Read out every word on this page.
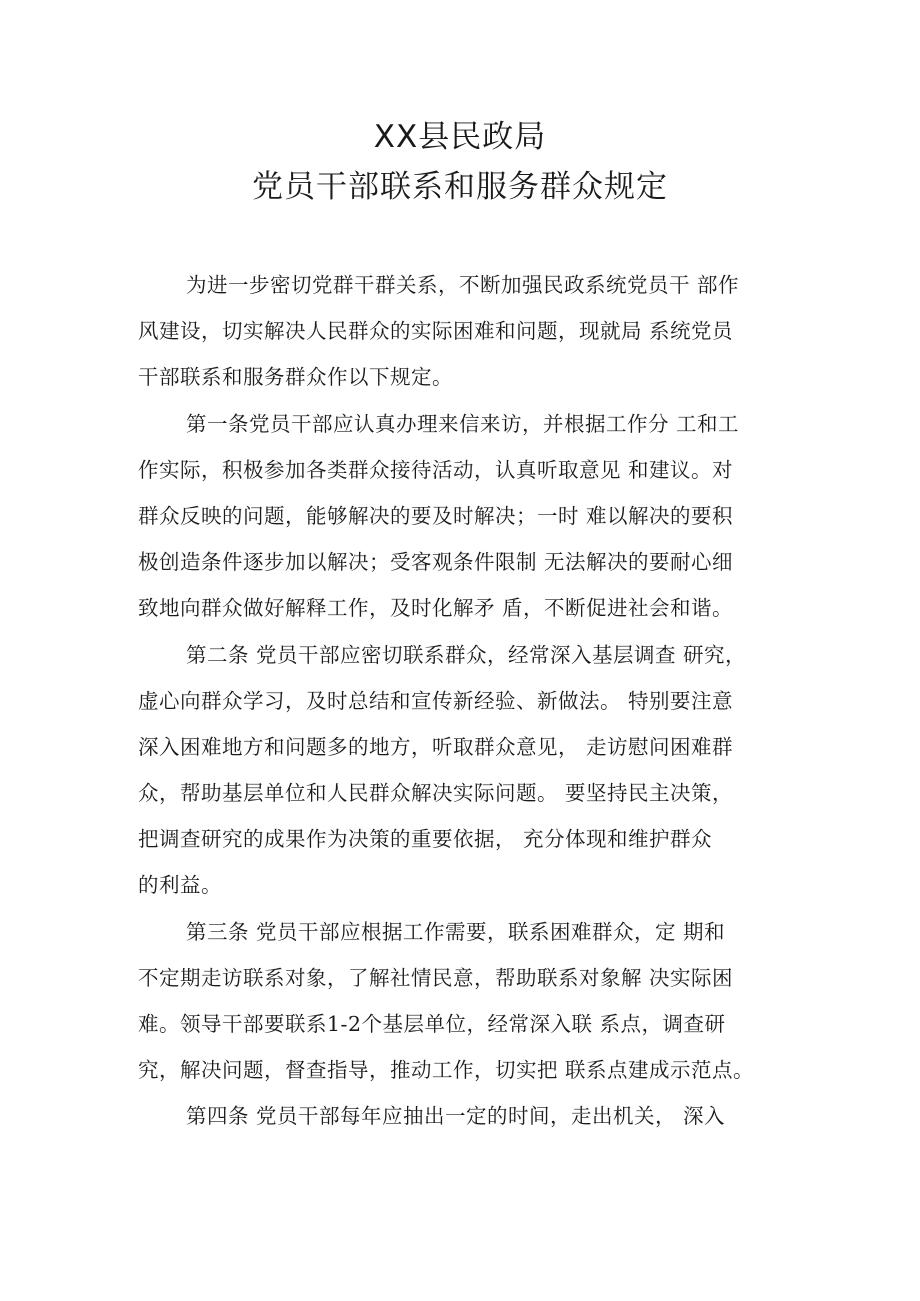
XX县民政局
党员干部联系和服务群众规定
为进一步密切党群干群关系，不断加强民政系统党员干 部作
风建设，切实解决人民群众的实际困难和问题，现就局 系统党员
干部联系和服务群众作以下规定。
第一条党员干部应认真办理来信来访，并根据工作分 工和工
作实际，积极参加各类群众接待活动，认真听取意见 和建议。对
群众反映的问题，能够解决的要及时解决；一时 难以解决的要积
极创造条件逐步加以解决；受客观条件限制 无法解决的要耐心细
致地向群众做好解释工作，及时化解矛 盾，不断促进社会和谐。
第二条 党员干部应密切联系群众，经常深入基层调查 研究，
虚心向群众学习，及时总结和宣传新经验、新做法。 特别要注意
深入困难地方和问题多的地方，听取群众意见， 走访慰问困难群
众，帮助基层单位和人民群众解决实际问题。 要坚持民主决策，
把调查研究的成果作为决策的重要依据， 充分体现和维护群众
的利益。
第三条 党员干部应根据工作需要，联系困难群众，定 期和
不定期走访联系对象，了解社情民意，帮助联系对象解 决实际困
难。领导干部要联系1-2个基层单位，经常深入联 系点，调查研
究，解决问题，督查指导，推动工作，切实把 联系点建成示范点。
第四条 党员干部每年应抽出一定的时间，走出机关， 深入
